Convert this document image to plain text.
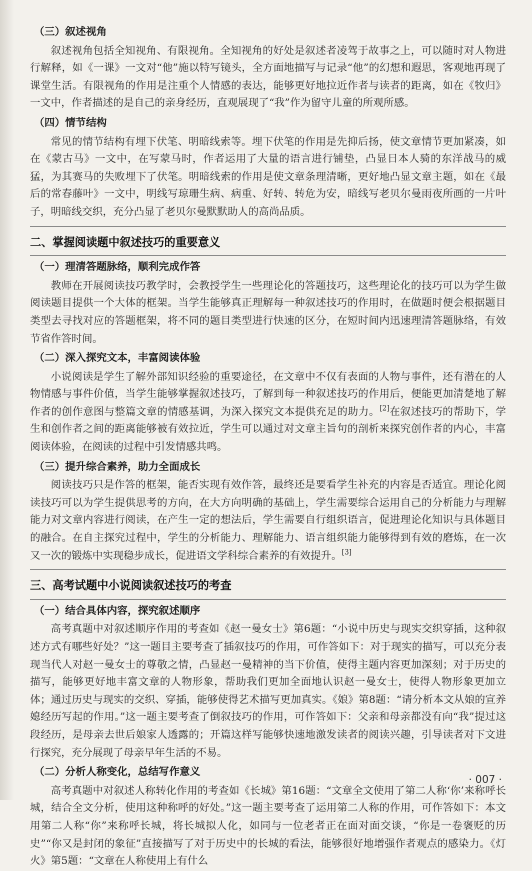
（三）叙述视角

叙述视角包括全知视角、有限视角。全知视角的好处是叙述者凌驾于故事之上，可以随时对人物进行解释，如《一课》一文对“他”施以特写镜头，全方面地描写与记录“他”的幻想和遐思，客观地再现了课堂生活。有限视角的作用是注重个人情感的表达，能够更好地拉近作者与读者的距离，如在《牧归》一文中，作者描述的是自己的亲身经历，直观展现了“我”作为留守儿童的所观所感。

（四）情节结构

常见的情节结构有埋下伏笔、明暗线索等。埋下伏笔的作用是先抑后扬，使文章情节更加紧凑，如在《蒙古马》一文中，在写蒙马时，作者运用了大量的语言进行铺垫，凸显日本人骑的东洋战马的威猛，为其赛马的失败埋下了伏笔。明暗线索的作用是使文章条理清晰，更好地凸显文章主题，如在《最后的常春藤叶》一文中，明线写琼珊生病、病重、好转、转危为安，暗线写老贝尔曼雨夜所画的一片叶子，明暗线交织，充分凸显了老贝尔曼默默助人的高尚品质。

二、掌握阅读题中叙述技巧的重要意义
（一）理清答题脉络，顺利完成作答

教师在开展阅读技巧教学时，会教授学生一些理论化的答题技巧，这些理论化的技巧可以为学生做阅读题目提供一个大体的框架。当学生能够真正理解每一种叙述技巧的作用时，在做题时便会根据题目类型去寻找对应的答题框架，将不同的题目类型进行快速的区分，在短时间内迅速理清答题脉络，有效节省作答时间。

（二）深入探究文本，丰富阅读体验

小说阅读是学生了解外部知识经验的重要途径，在文章中不仅有表面的人物与事件，还有潜在的人物情感与事件价值，当学生能够掌握叙述技巧，了解到每一种叙述技巧的作用后，便能更加清楚地了解作者的创作意图与整篇文章的情感基调，为深入探究文本提供充足的助力。[2]在叙述技巧的帮助下，学生和创作者之间的距离能够被有效拉近，学生可以通过对文章主旨句的剖析来探究创作者的内心，丰富阅读体验，在阅读的过程中引发情感共鸣。

（三）提升综合素养，助力全面成长

阅读技巧只是作答的框架，能否实现有效作答，最终还是要看学生补充的内容是否适宜。理论化阅读技巧可以为学生提供思考的方向，在大方向明确的基础上，学生需要综合运用自己的分析能力与理解能力对文章内容进行阅读，在产生一定的想法后，学生需要自行组织语言，促进理论化知识与具体题目的融合。在自主探究过程中，学生的分析能力、理解能力、语言组织能力能够得到有效的磨炼，在一次又一次的锻炼中实现稳步成长，促进语文学科综合素养的有效提升。[3]

三、高考试题中小说阅读叙述技巧的考查
（一）结合具体内容，探究叙述顺序

高考真题中对叙述顺序作用的考查如《赵一曼女士》第6题：“小说中历史与现实交织穿插，这种叙述方式有哪些好处？”这一题目主要考查了插叙技巧的作用，可作答如下：对于现实的描写，可以充分表现当代人对赵一曼女士的尊敬之情，凸显赵一曼精神的当下价值，使得主题内容更加深刻；对于历史的描写，能够更好地丰富文章的人物形象，帮助我们更加全面地认识赵一曼女士，使得人物形象更加立体；通过历史与现实的交织、穿插，能够使得艺术描写更加真实。《娘》第8题：“请分析本文从娘的宣养媳经历写起的作用。”这一题主要考查了倒叙技巧的作用，可作答如下：父亲和母亲都没有向“我”提过这段经历，是母亲去世后娘家人透露的；开篇这样写能够快速地激发读者的阅读兴趣，引导读者对下文进行探究，充分展现了母亲早年生活的不易。

（二）分析人称变化，总结写作意义

高考真题中对叙述人称转化作用的考查如《长城》第16题：“文章全文使用了第二人称‘你’来称呼长城，结合全文分析，使用这种称呼的好处。”这一题主要考查了运用第二人称的作用，可作答如下：本文用第二人称“你”来称呼长城，将长城拟人化，如同与一位老者正在面对面交谈，“你是一卷褒贬的历史”“你又是封闭的象征”直接描写了对于历史中的长城的看法，能够很好地增强作者观点的感染力。《灯火》第5题：“文章在人称使用上有什么

· 007 ·
